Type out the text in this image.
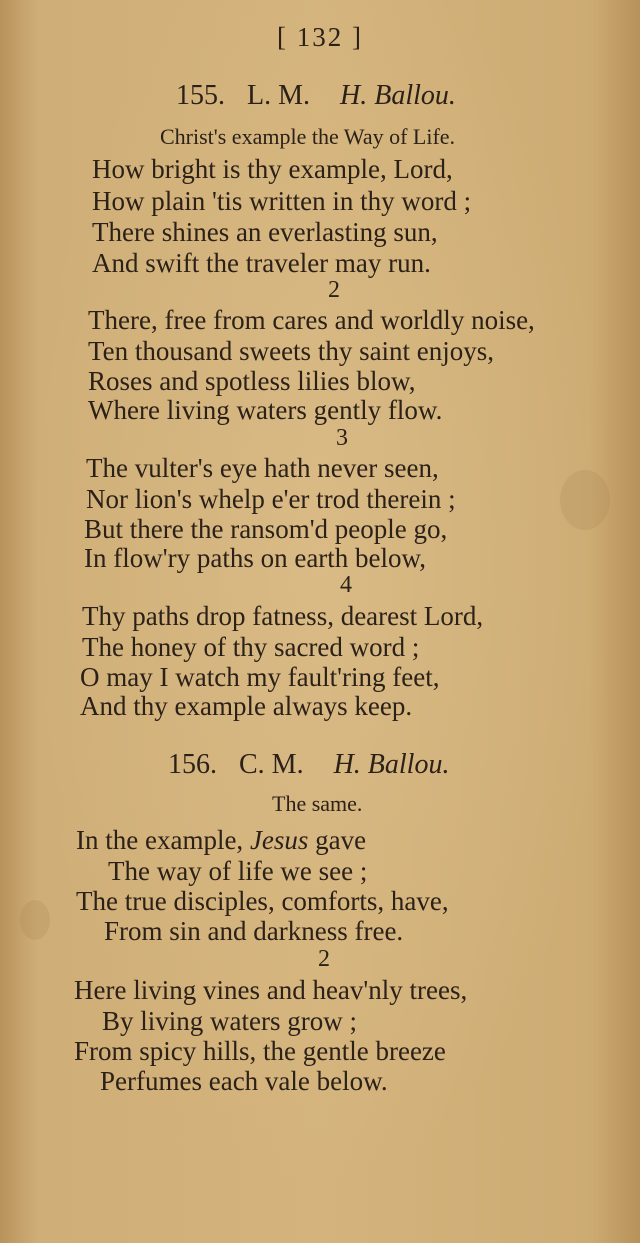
[ 132 ]
155. L. M. H. Ballou.
Christ's example the Way of Life.
How bright is thy example, Lord,
How plain 'tis written in thy word ;
There shines an everlasting sun,
And swift the traveler may run.
2
There, free from cares and worldly noise,
Ten thousand sweets thy saint enjoys,
Roses and spotless lilies blow,
Where living waters gently flow.
3
The vulter's eye hath never seen,
Nor lion's whelp e'er trod therein ;
But there the ransom'd people go,
In flow'ry paths on earth below,
4
Thy paths drop fatness, dearest Lord,
The honey of thy sacred word ;
O may I watch my fault'ring feet,
And thy example always keep.
156. C. M. H. Ballou.
The same.
In the example, Jesus gave
The way of life we see ;
The true disciples, comforts, have,
From sin and darkness free.
2
Here living vines and heav'nly trees,
By living waters grow ;
From spicy hills, the gentle breeze
Perfumes each vale below.
